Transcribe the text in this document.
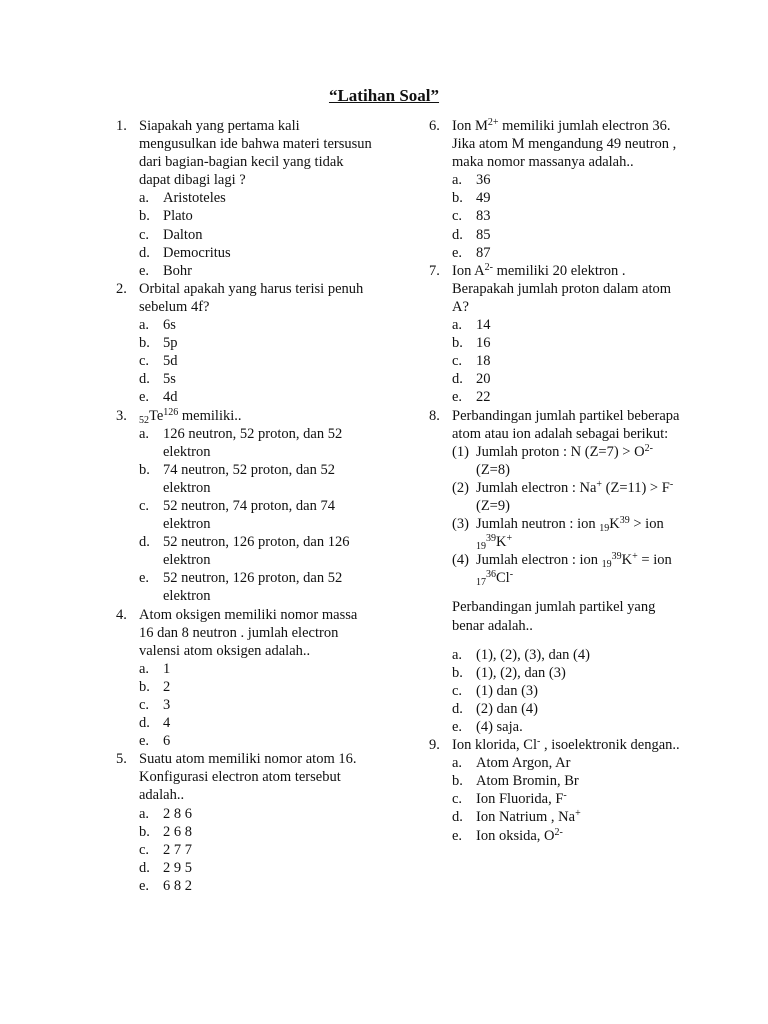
“Latihan Soal”
1. Siapakah yang pertama kali mengusulkan ide bahwa materi tersusun dari bagian-bagian kecil yang tidak dapat dibagi lagi ?
a. Aristoteles
b. Plato
c. Dalton
d. Democritus
e. Bohr
2. Orbital apakah yang harus terisi penuh sebelum 4f?
a. 6s
b. 5p
c. 5d
d. 5s
e. 4d
3. $_{52}Te^{126}$ memiliki..
a. 126 neutron, 52 proton, dan 52 elektron
b. 74 neutron, 52 proton, dan 52 elektron
c. 52 neutron, 74 proton, dan 74 elektron
d. 52 neutron, 126 proton, dan 126 elektron
e. 52 neutron, 126 proton, dan 52 elektron
4. Atom oksigen memiliki nomor massa 16 dan 8 neutron . jumlah electron valensi atom oksigen adalah..
a. 1
b. 2
c. 3
d. 4
e. 6
5. Suatu atom memiliki nomor atom 16. Konfigurasi electron atom tersebut adalah..
a. 2 8 6
b. 2 6 8
c. 2 7 7
d. 2 9 5
e. 6 8 2
6. Ion $M^{2+}$ memiliki jumlah electron 36. Jika atom M mengandung 49 neutron , maka nomor massanya adalah..
a. 36
b. 49
c. 83
d. 85
e. 87
7. Ion $A^{2-}$ memiliki 20 elektron . Berapakah jumlah proton dalam atom A?
a. 14
b. 16
c. 18
d. 20
e. 22
8. Perbandingan jumlah partikel beberapa atom atau ion adalah sebagai berikut:
(1) Jumlah proton : N $(Z=7) > O^{2-}$
(Z=8)
(2) Jumlah electron : Na+ (Z=11) > F- (Z=9)
(3) Jumlah neutron : ion $_{19}K^{39}$ > ion $_{19}^{39}$K+
(4) Jumlah electron : ion $_{19}^{39}$K+ = ion $_{17}^{36}$Cl-
Perbandingan jumlah partikel yang benar adalah..
a. (1), (2), (3), dan (4)
b. (1), (2), dan (3)
c. (1) dan (3)
d. (2) dan (4)
e. (4) saja.
9. Ion klorida, Cl- , isoelektronik dengan..
a. Atom Argon, Ar
b. Atom Bromin, Br
c. Ion Fluorida, F-
d. Ion Natrium , Na+
e. Ion oksida, $O^{2-}$
